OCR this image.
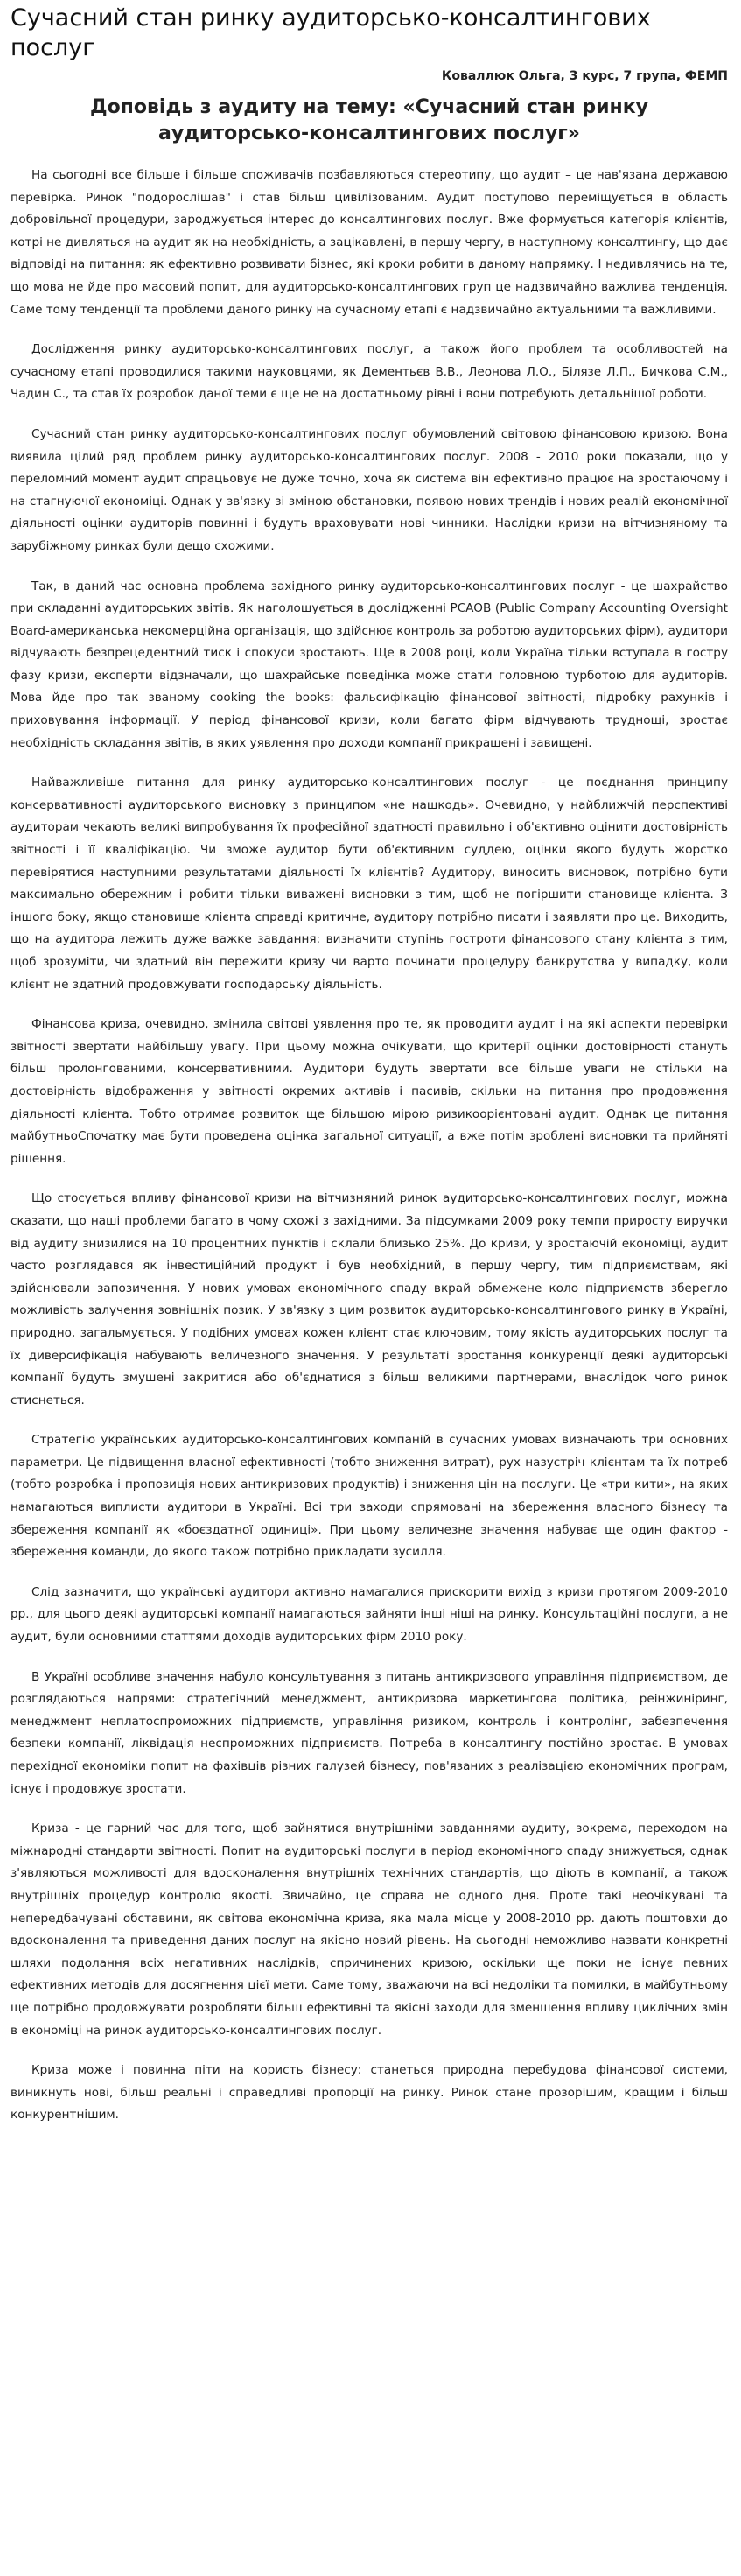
Сучасний стан ринку аудиторсько-консалтингових послуг
Коваллюк Ольга, 3 курс, 7 група, ФЕМП
Доповідь з аудиту на тему: «Сучасний стан ринку аудиторсько-консалтингових послуг»

На сьогодні все більше і більше споживачів позбавляються стереотипу, що аудит – це нав'язана державою перевірка. Ринок "подорослішав" і став більш цивілізованим. Аудит поступово переміщується в область добровільної процедури, зароджується інтерес до консалтингових послуг. Вже формується категорія клієнтів, котрі не дивляться на аудит як на необхідність, а зацікавлені, в першу чергу, в наступному консалтингу, що дає відповіді на питання: як ефективно розвивати бізнес, які кроки робити в даному напрямку. І недивлячись на те, що мова не йде про масовий попит, для аудиторсько-консалтингових груп це надзвичайно важлива тенденція. Саме тому тенденції та проблеми даного ринку на сучасному етапі є надзвичайно актуальними та важливими.

Дослідження ринку аудиторсько-консалтингових послуг, а також його проблем та особливостей на сучасному етапі проводилися такими науковцями, як Дементьєв В.В., Леонова Л.О., Білязе Л.П., Бичкова С.М., Чадин С., та став їх розробок даної теми є ще не на достатньому рівні і вони потребують детальнішої роботи.

Сучасний стан ринку аудиторсько-консалтингових послуг обумовлений світовою фінансовою кризою. Вона виявила цілий ряд проблем ринку аудиторсько-консалтингових послуг. 2008 - 2010 роки показали, що у переломний момент аудит спрацьовує не дуже точно, хоча як система він ефективно працює на зростаючому і на стагнуючої економіці. Однак у зв'язку зі зміною обстановки, появою нових трендів і нових реалій економічної діяльності оцінки аудиторів повинні і будуть враховувати нові чинники. Наслідки кризи на вітчизняному та зарубіжному ринках були дещо схожими.

Так, в даний час основна проблема західного ринку аудиторсько-консалтингових послуг - це шахрайство при складанні аудиторських звітів. Як наголошується в дослідженні PCAOB (Public Company Accounting Oversight Board-американська некомерційна організація, що здійснює контроль за роботою аудиторських фірм), аудитори відчувають безпрецедентний тиск і спокуси зростають. Ще в 2008 році, коли Україна тільки вступала в гостру фазу кризи, експерти відзначали, що шахрайське поведінка може стати головною турботою для аудиторів. Мова йде про так званому cooking the books: фальсифікацію фінансової звітності, підробку рахунків і приховування інформації. У період фінансової кризи, коли багато фірм відчувають труднощі, зростає необхідність складання звітів, в яких уявлення про доходи компанії прикрашені і завищені.

Найважливіше питання для ринку аудиторсько-консалтингових послуг - це поєднання принципу консервативності аудиторського висновку з принципом «не нашкодь». Очевидно, у найближчій перспективі аудиторам чекають великі випробування їх професійної здатності правильно і об'єктивно оцінити достовірність звітності і її кваліфікацію. Чи зможе аудитор бути об'єктивним суддею, оцінки якого будуть жорстко перевірятися наступними результатами діяльності їх клієнтів? Аудитору, виносить висновок, потрібно бути максимально обережним і робити тільки виважені висновки з тим, щоб не погіршити становище клієнта. З іншого боку, якщо становище клієнта справді критичне, аудитору потрібно писати і заявляти про це. Виходить, що на аудитора лежить дуже важке завдання: визначити ступінь гостроти фінансового стану клієнта з тим, щоб зрозуміти, чи здатний він пережити кризу чи варто починати процедуру банкрутства у випадку, коли клієнт не здатний продовжувати господарську діяльність.

Фінансова криза, очевидно, змінила світові уявлення про те, як проводити аудит і на які аспекти перевірки звітності звертати найбільшу увагу. При цьому можна очікувати, що критерії оцінки достовірності стануть більш пролонгованими, консервативними. Аудитори будуть звертати все більше уваги не стільки на достовірність відображення у звітності окремих активів і пасивів, скільки на питання про продовження діяльності клієнта. Тобто отримає розвиток ще більшою мірою ризикоорієнтовані аудит. Однак це питання майбутньоСпочатку має бути проведена оцінка загальної ситуації, а вже потім зроблені висновки та прийняті рішення.

Що стосується впливу фінансової кризи на вітчизняний ринок аудиторсько-консалтингових послуг, можна сказати, що наші проблеми багато в чому схожі з західними. За підсумками 2009 року темпи приросту виручки від аудиту знизилися на 10 процентних пунктів і склали близько 25%. До кризи, у зростаючій економіці, аудит часто розглядався як інвестиційний продукт і був необхідний, в першу чергу, тим підприємствам, які здійснювали запозичення. У нових умовах економічного спаду вкрай обмежене коло підприємств зберегло можливість залучення зовнішніх позик. У зв'язку з цим розвиток аудиторсько-консалтингового ринку в Україні, природно, загальмується. У подібних умовах кожен клієнт стає ключовим, тому якість аудиторських послуг та їх диверсифікація набувають величезного значення. У результаті зростання конкуренції деякі аудиторські компанії будуть змушені закритися або об'єднатися з більш великими партнерами, внаслідок чого ринок стиснеться.

Стратегію українських аудиторсько-консалтингових компаній в сучасних умовах визначають три основних параметри. Це підвищення власної ефективності (тобто зниження витрат), рух назустріч клієнтам та їх потреб (тобто розробка і пропозиція нових антикризових продуктів) і зниження цін на послуги. Це «три кити», на яких намагаються виплисти аудитори в Україні. Всі три заходи спрямовані на збереження власного бізнесу та збереження компанії як «боєздатної одиниці». При цьому величезне значення набуває ще один фактор - збереження команди, до якого також потрібно прикладати зусилля.

Слід зазначити, що українські аудитори активно намагалися прискорити вихід з кризи протягом 2009-2010 рр., для цього деякі аудиторські компанії намагаються зайняти інші ніші на ринку. Консультаційні послуги, а не аудит, були основними статтями доходів аудиторських фірм 2010 року.

В Україні особливе значення набуло консультування з питань антикризового управління підприємством, де розглядаються напрями: стратегічний менеджмент, антикризова маркетингова політика, реінжиніринг, менеджмент неплатоспроможних підприємств, управління ризиком, контроль і контролінг, забезпечення безпеки компанії, ліквідація неспроможних підприємств. Потреба в консалтингу постійно зростає. В умовах перехідної економіки попит на фахівців різних галузей бізнесу, пов'язаних з реалізацією економічних програм, існує і продовжує зростати.

Криза - це гарний час для того, щоб зайнятися внутрішніми завданнями аудиту, зокрема, переходом на міжнародні стандарти звітності. Попит на аудиторські послуги в період економічного спаду знижується, однак з'являються можливості для вдосконалення внутрішніх технічних стандартів, що діють в компанії, а також внутрішніх процедур контролю якості. Звичайно, це справа не одного дня. Проте такі неочікувані та непередбачувані обставини, як світова економічна криза, яка мала місце у 2008-2010 рр. дають поштовхи до вдосконалення та приведення даних послуг на якісно новий рівень. На сьогодні неможливо назвати конкретні шляхи подолання всіх негативних наслідків, спричинених кризою, оскільки ще поки не існує певних ефективних методів для досягнення цієї мети. Саме тому, зважаючи на всі недоліки та помилки, в майбутньому ще потрібно продовжувати розробляти більш ефективні та якісні заходи для зменшення впливу циклічних змін в економіці на ринок аудиторсько-консалтингових послуг.

Криза може і повинна піти на користь бізнесу: станеться природна перебудова фінансової системи, виникнуть нові, більш реальні і справедливі пропорції на ринку. Ринок стане прозорішим, кращим і більш конкурентнішим.
